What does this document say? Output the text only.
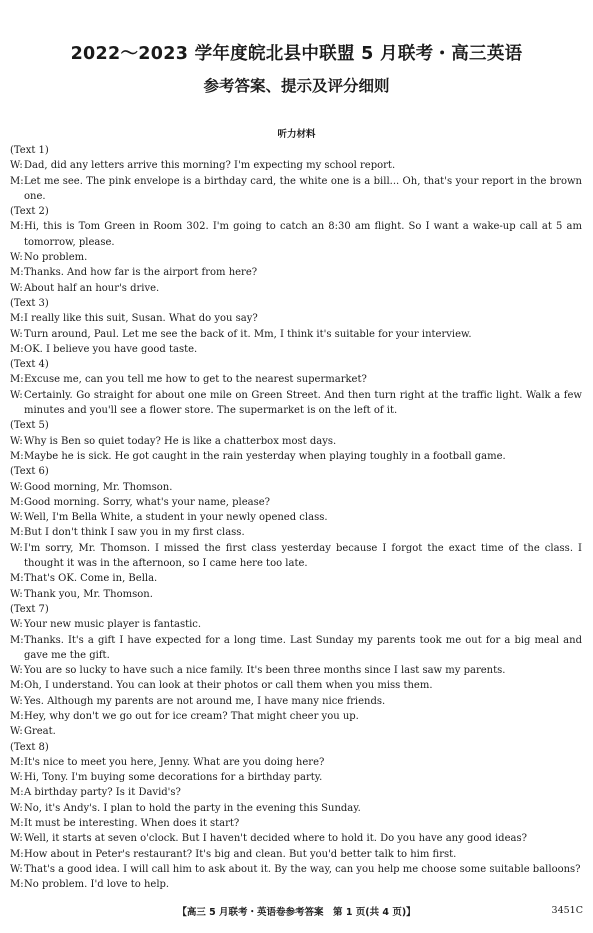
2022～2023 学年度皖北县中联盟 5 月联考・高三英语
参考答案、提示及评分细则
听力材料
(Text 1)
W: Dad, did any letters arrive this morning? I'm expecting my school report.
M: Let me see. The pink envelope is a birthday card, the white one is a bill... Oh, that's your report in the brown one.
(Text 2)
M: Hi, this is Tom Green in Room 302. I'm going to catch an 8:30 am flight. So I want a wake-up call at 5 am tomorrow, please.
W: No problem.
M: Thanks. And how far is the airport from here?
W: About half an hour's drive.
(Text 3)
M: I really like this suit, Susan. What do you say?
W: Turn around, Paul. Let me see the back of it. Mm, I think it's suitable for your interview.
M: OK. I believe you have good taste.
(Text 4)
M: Excuse me, can you tell me how to get to the nearest supermarket?
W: Certainly. Go straight for about one mile on Green Street. And then turn right at the traffic light. Walk a few minutes and you'll see a flower store. The supermarket is on the left of it.
(Text 5)
W: Why is Ben so quiet today? He is like a chatterbox most days.
M: Maybe he is sick. He got caught in the rain yesterday when playing toughly in a football game.
(Text 6)
W: Good morning, Mr. Thomson.
M: Good morning. Sorry, what's your name, please?
W: Well, I'm Bella White, a student in your newly opened class.
M: But I don't think I saw you in my first class.
W: I'm sorry, Mr. Thomson. I missed the first class yesterday because I forgot the exact time of the class. I thought it was in the afternoon, so I came here too late.
M: That's OK. Come in, Bella.
W: Thank you, Mr. Thomson.
(Text 7)
W: Your new music player is fantastic.
M: Thanks. It's a gift I have expected for a long time. Last Sunday my parents took me out for a big meal and gave me the gift.
W: You are so lucky to have such a nice family. It's been three months since I last saw my parents.
M: Oh, I understand. You can look at their photos or call them when you miss them.
W: Yes. Although my parents are not around me, I have many nice friends.
M: Hey, why don't we go out for ice cream? That might cheer you up.
W: Great.
(Text 8)
M: It's nice to meet you here, Jenny. What are you doing here?
W: Hi, Tony. I'm buying some decorations for a birthday party.
M: A birthday party? Is it David's?
W: No, it's Andy's. I plan to hold the party in the evening this Sunday.
M: It must be interesting. When does it start?
W: Well, it starts at seven o'clock. But I haven't decided where to hold it. Do you have any good ideas?
M: How about in Peter's restaurant? It's big and clean. But you'd better talk to him first.
W: That's a good idea. I will call him to ask about it. By the way, can you help me choose some suitable balloons?
M: No problem. I'd love to help.
【高三 5 月联考・英语卷参考答案　第 1 页(共 4 页)】	3451C
